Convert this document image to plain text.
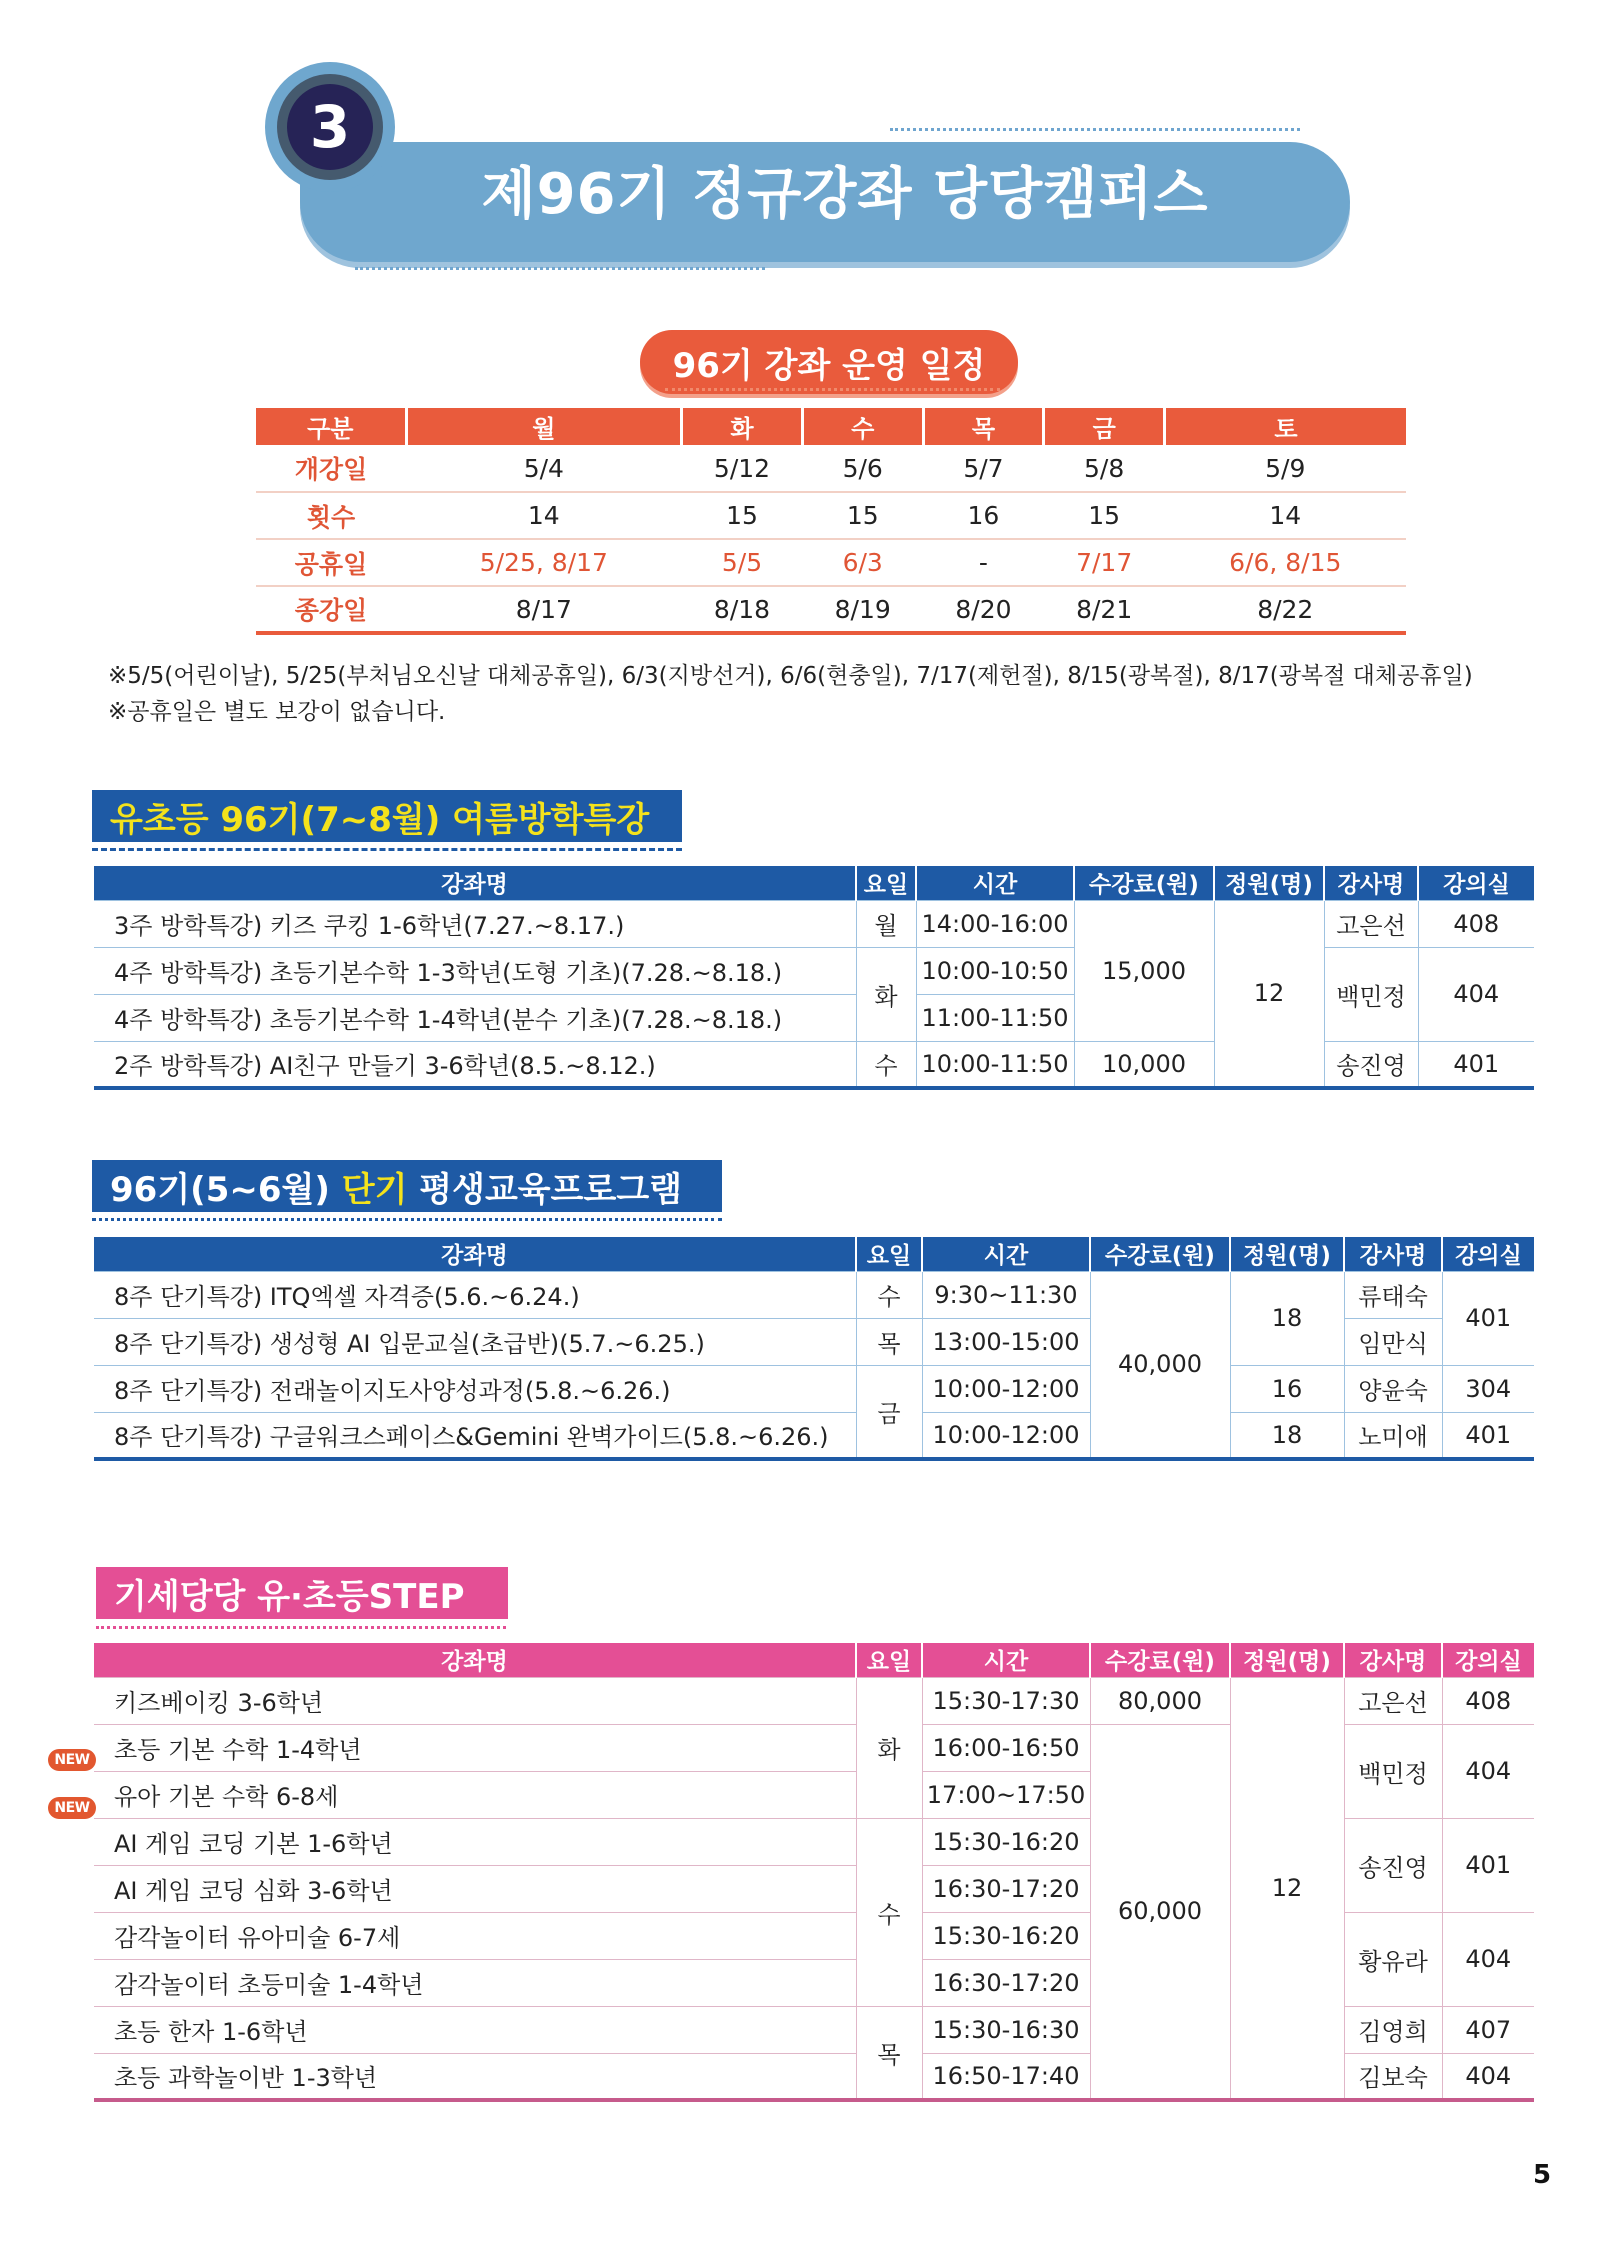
제96기 정규강좌 당당캠퍼스
3
96기 강좌 운영 일정
구분	월	화	수	목	금	토
개강일	5/4	5/12	5/6	5/7	5/8	5/9
횟수	14	15	15	16	15	14
공휴일	5/25, 8/17	5/5	6/3	-	7/17	6/6, 8/15
종강일	8/17	8/18	8/19	8/20	8/21	8/22
※5/5(어린이날), 5/25(부처님오신날 대체공휴일), 6/3(지방선거), 6/6(현충일), 7/17(제헌절), 8/15(광복절), 8/17(광복절 대체공휴일)
※공휴일은 별도 보강이 없습니다.
유초등 96기(7~8월) 여름방학특강
강좌명	요일	시간	수강료(원)	정원(명)	강사명	강의실
3주 방학특강) 키즈 쿠킹 1-6학년(7.27.~8.17.)	월	14:00-16:00	15,000	12	고은선	408
4주 방학특강) 초등기본수학 1-3학년(도형 기초)(7.28.~8.18.)	화	10:00-10:50			백민정	404
4주 방학특강) 초등기본수학 1-4학년(분수 기초)(7.28.~8.18.)		11:00-11:50				
2주 방학특강) AI친구 만들기 3-6학년(8.5.~8.12.)	수	10:00-11:50	10,000		송진영	401
96기(5~6월) 단기 평생교육프로그램
강좌명	요일	시간	수강료(원)	정원(명)	강사명	강의실
8주 단기특강) ITQ엑셀 자격증(5.6.~6.24.)	수	9:30~11:30	40,000	18	류태숙	401
8주 단기특강) 생성형 AI 입문교실(초급반)(5.7.~6.25.)	목	13:00-15:00			임만식	
8주 단기특강) 전래놀이지도사양성과정(5.8.~6.26.)	금	10:00-12:00		16	양윤숙	304
8주 단기특강) 구글워크스페이스&Gemini 완벽가이드(5.8.~6.26.)		10:00-12:00		18	노미애	401
기세당당 유·초등STEP
강좌명	요일	시간	수강료(원)	정원(명)	강사명	강의실
키즈베이킹 3-6학년	화	15:30-17:30	80,000	12	고은선	408
초등 기본 수학 1-4학년		16:00-16:50	60,000		백민정	404
유아 기본 수학 6-8세		17:00~17:50				
AI 게임 코딩 기본 1-6학년	수	15:30-16:20			송진영	401
AI 게임 코딩 심화 3-6학년		16:30-17:20				
감각놀이터 유아미술 6-7세		15:30-16:20			황유라	404
감각놀이터 초등미술 1-4학년		16:30-17:20				
초등 한자 1-6학년	목	15:30-16:30			김영희	407
초등 과학놀이반 1-3학년		16:50-17:40			김보숙	404
NEW
NEW
5
